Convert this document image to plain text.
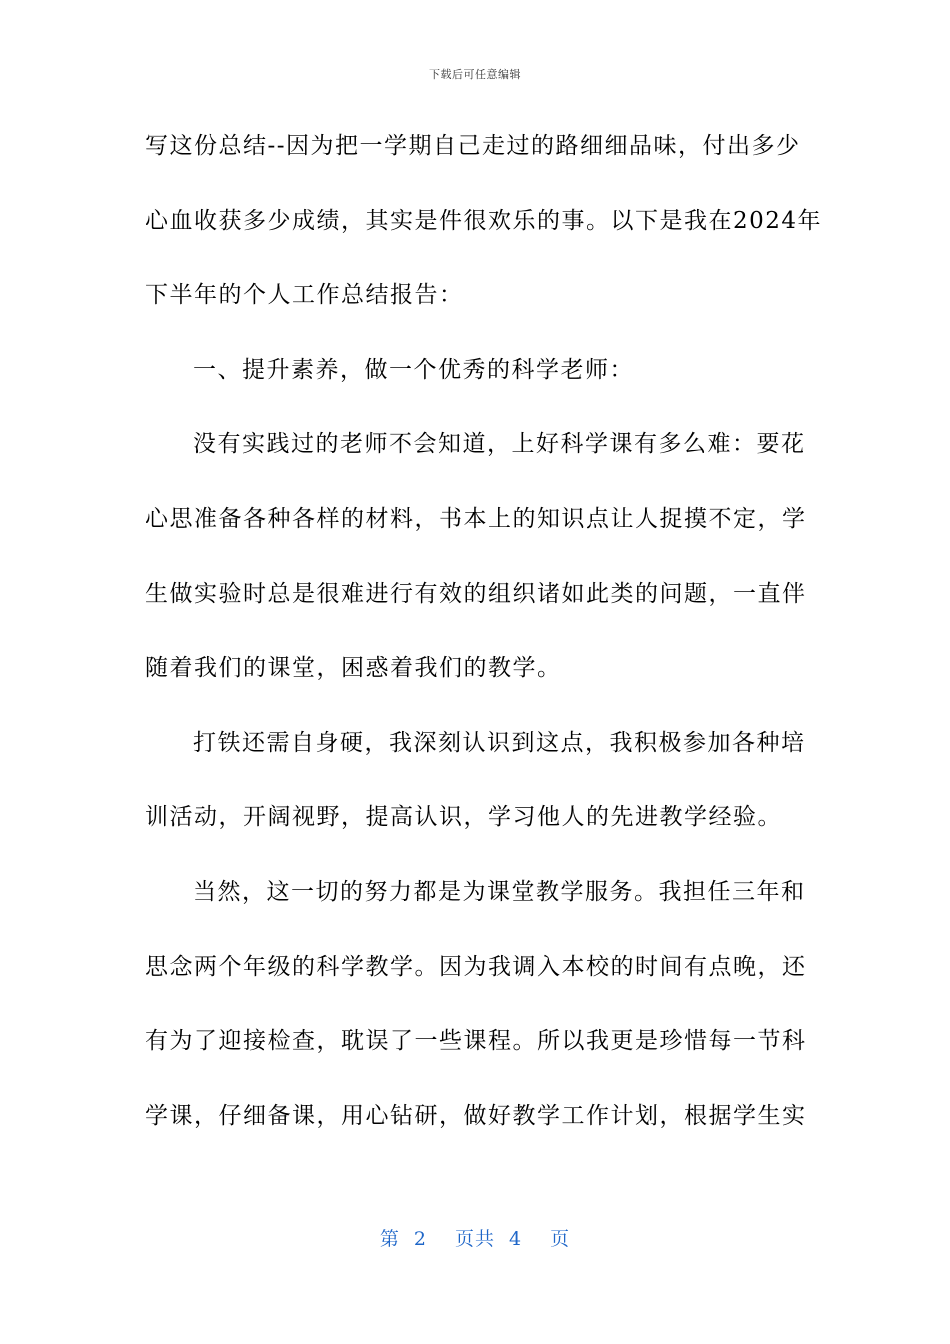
下载后可任意编辑
写这份总结--因为把一学期自己走过的路细细品味，付出多少
心血收获多少成绩，其实是件很欢乐的事。以下是我在2024年
下半年的个人工作总结报告：
一、提升素养，做一个优秀的科学老师：
没有实践过的老师不会知道，上好科学课有多么难：要花
心思准备各种各样的材料，书本上的知识点让人捉摸不定，学
生做实验时总是很难进行有效的组织诸如此类的问题，一直伴
随着我们的课堂，困惑着我们的教学。
打铁还需自身硬，我深刻认识到这点，我积极参加各种培
训活动，开阔视野，提高认识，学习他人的先进教学经验。
当然，这一切的努力都是为课堂教学服务。我担任三年和
思念两个年级的科学教学。因为我调入本校的时间有点晚，还
有为了迎接检查，耽误了一些课程。所以我更是珍惜每一节科
学课，仔细备课，用心钻研，做好教学工作计划，根据学生实
第 2 页共 4 页
